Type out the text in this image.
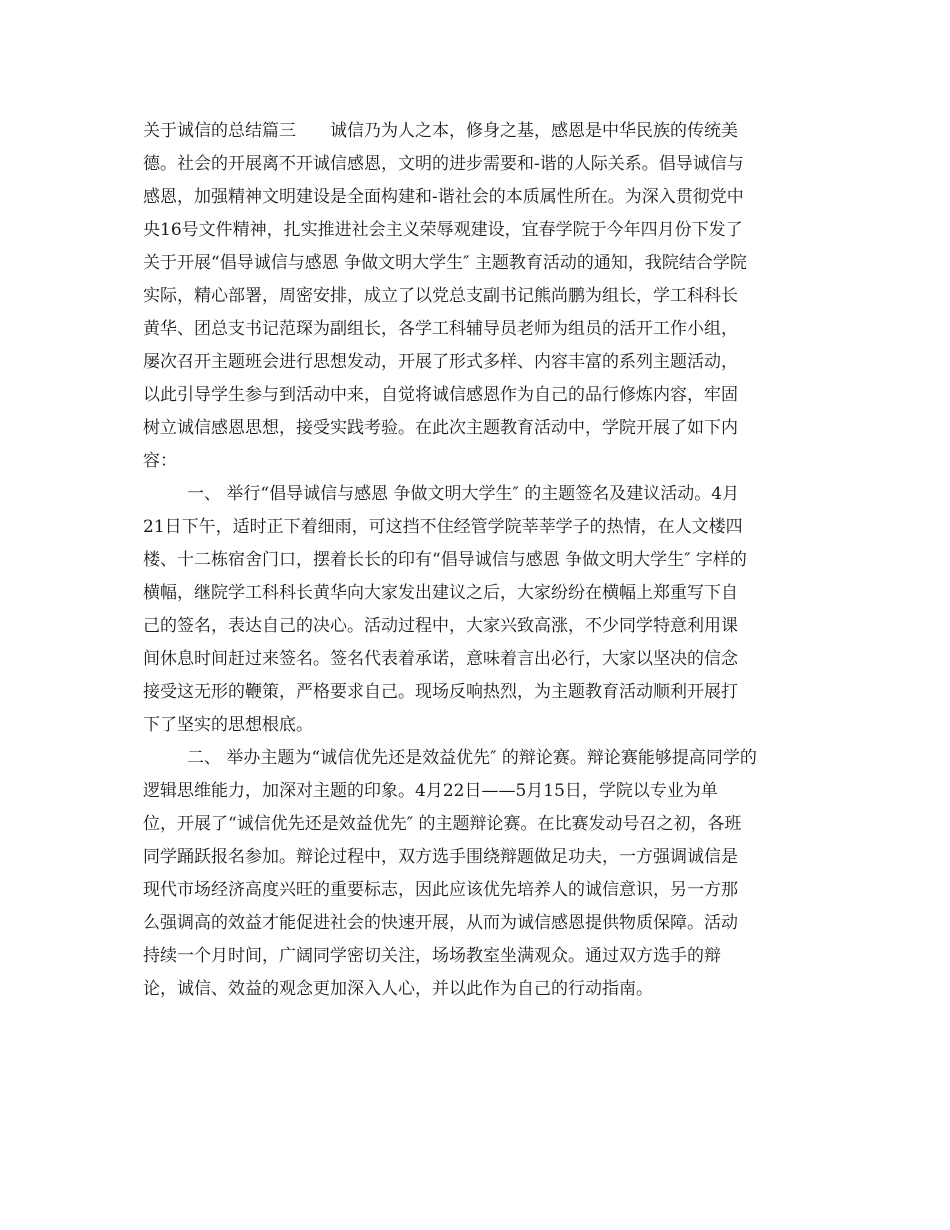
关于诚信的总结篇三　　诚信乃为人之本，修身之基，感恩是中华民族的传统美
德。社会的开展离不开诚信感恩，文明的进步需要和-谐的人际关系。倡导诚信与
感恩，加强精神文明建设是全面构建和-谐社会的本质属性所在。为深入贯彻党中
央16号文件精神，扎实推进社会主义荣辱观建设，宜春学院于今年四月份下发了
关于开展“倡导诚信与感恩 争做文明大学生″ 主题教育活动的通知，我院结合学院
实际，精心部署，周密安排，成立了以党总支副书记熊尚鹏为组长，学工科科长
黄华、团总支书记范琛为副组长，各学工科辅导员老师为组员的活开工作小组，
屡次召开主题班会进行思想发动，开展了形式多样、内容丰富的系列主题活动，
以此引导学生参与到活动中来，自觉将诚信感恩作为自己的品行修炼内容，牢固
树立诚信感恩思想，接受实践考验。在此次主题教育活动中，学院开展了如下内
容：
一、 举行“倡导诚信与感恩 争做文明大学生″ 的主题签名及建议活动。4月
21日下午，适时正下着细雨，可这挡不住经管学院莘莘学子的热情，在人文楼四
楼、十二栋宿舍门口，摆着长长的印有“倡导诚信与感恩 争做文明大学生″ 字样的
横幅，继院学工科科长黄华向大家发出建议之后，大家纷纷在横幅上郑重写下自
己的签名，表达自己的决心。活动过程中，大家兴致高涨，不少同学特意利用课
间休息时间赶过来签名。签名代表着承诺，意味着言出必行，大家以坚决的信念
接受这无形的鞭策，严格要求自己。现场反响热烈，为主题教育活动顺利开展打
下了坚实的思想根底。
二、 举办主题为“诚信优先还是效益优先″ 的辩论赛。辩论赛能够提高同学的
逻辑思维能力，加深对主题的印象。4月22日——5月15日，学院以专业为单
位，开展了“诚信优先还是效益优先″ 的主题辩论赛。在比赛发动号召之初，各班
同学踊跃报名参加。辩论过程中，双方选手围绕辩题做足功夫，一方强调诚信是
现代市场经济高度兴旺的重要标志，因此应该优先培养人的诚信意识，另一方那
么强调高的效益才能促进社会的快速开展，从而为诚信感恩提供物质保障。活动
持续一个月时间，广阔同学密切关注，场场教室坐满观众。通过双方选手的辩
论，诚信、效益的观念更加深入人心，并以此作为自己的行动指南。
